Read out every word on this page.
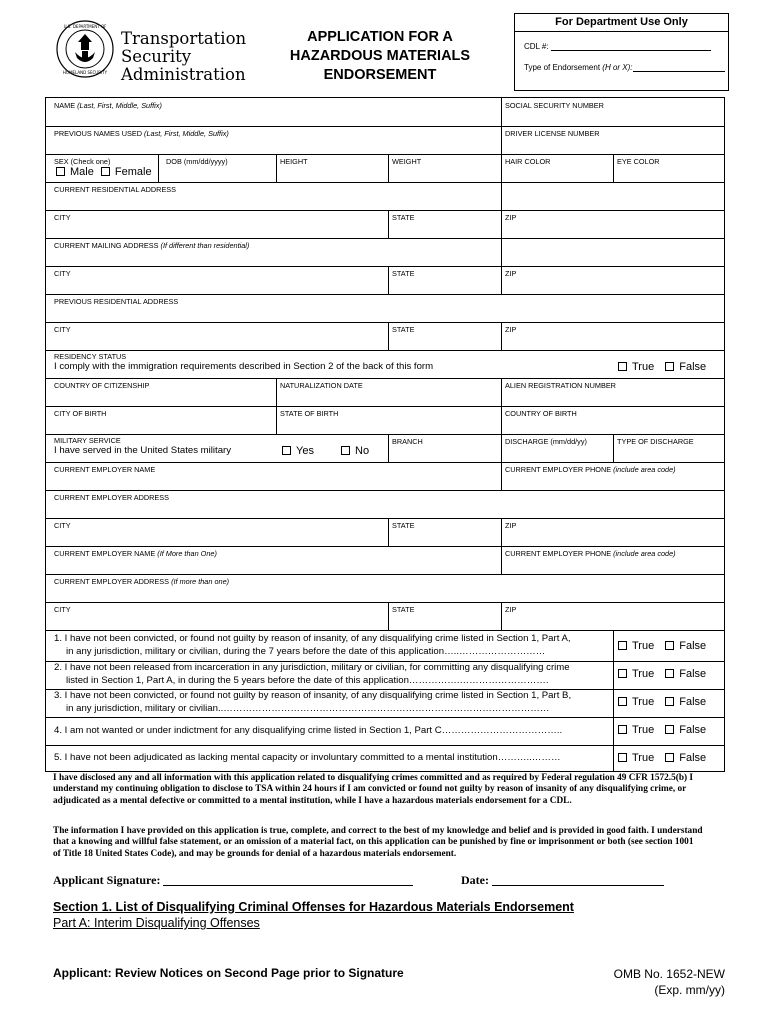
U.S. DEPARTMENT OF
HOMELAND SECURITY
Transportation
Security
Administration
APPLICATION FOR A
HAZARDOUS MATERIALS
ENDORSEMENT
For Department Use Only
CDL #:
Type of Endorsement (H or X):
NAME (Last, First, Middle, Suffix)	SOCIAL SECURITY NUMBER
PREVIOUS NAMES USED (Last, First, Middle, Suffix)	DRIVER LICENSE NUMBER
SEX (Check one)
Male Female
DOB (mm/dd/yyyy)	HEIGHT	WEIGHT	HAIR COLOR	EYE COLOR
CURRENT RESIDENTIAL ADDRESS
CITY	STATE	ZIP
CURRENT MAILING ADDRESS (If different than residential)
CITY	STATE	ZIP
PREVIOUS RESIDENTIAL ADDRESS
CITY	STATE	ZIP
RESIDENCY STATUS
I comply with the immigration requirements described in Section 2 of the back of this form	True False
COUNTRY OF CITIZENSHIP	NATURALIZATION DATE	ALIEN REGISTRATION NUMBER
CITY OF BIRTH	STATE OF BIRTH	COUNTRY OF BIRTH
MILITARY SERVICE
I have served in the United States military	Yes	No
BRANCH	DISCHARGE (mm/dd/yy)	TYPE OF DISCHARGE
CURRENT EMPLOYER NAME	CURRENT EMPLOYER PHONE (include area code)
CURRENT EMPLOYER ADDRESS
CITY	STATE	ZIP
CURRENT EMPLOYER NAME (If More than One)	CURRENT EMPLOYER PHONE (include area code)
CURRENT EMPLOYER ADDRESS (If more than one)
CITY	STATE	ZIP
1. I have not been convicted, or found not guilty by reason of insanity, of any disqualifying crime listed in Section 1, Part A,
in any jurisdiction, military or civilian, during the 7 years before the date of this application…..………………………	True False
2. I have not been released from incarceration in any jurisdiction, military or civilian, for committing any disqualifying crime
listed in Section 1, Part A, in during the 5 years before the date of this application…………….……………………….	True False
3. I have not been convicted, or found not guilty by reason of insanity, of any disqualifying crime listed in Section 1, Part B,
in any jurisdiction, military or civilian..…………………………………………………………………………………………	True False
4. I am not wanted or under indictment for any disqualifying crime listed in Section 1, Part C………………………………..	True False
5. I have not been adjudicated as lacking mental capacity or involuntary committed to a mental institution………..………	True False
I have disclosed any and all information with this application related to disqualifying crimes committed and as required by Federal regulation 49 CFR 1572.5(b) I understand my continuing obligation to disclose to TSA within 24 hours if I am convicted or found not guilty by reason of insanity of any disqualifying crime, or adjudicated as a mental defective or committed to a mental institution, while I have a hazardous materials endorsement for a CDL.
The information I have provided on this application is true, complete, and correct to the best of my knowledge and belief and is provided in good faith. I understand that a knowing and willful false statement, or an omission of a material fact, on this application can be punished by fine or imprisonment or both (see section 1001 of Title 18 United States Code), and may be grounds for denial of a hazardous materials endorsement.
Applicant Signature:	Date:
Section 1. List of Disqualifying Criminal Offenses for Hazardous Materials Endorsement
Part A: Interim Disqualifying Offenses
Applicant: Review Notices on Second Page prior to Signature	OMB No. 1652-NEW
(Exp. mm/yy)
